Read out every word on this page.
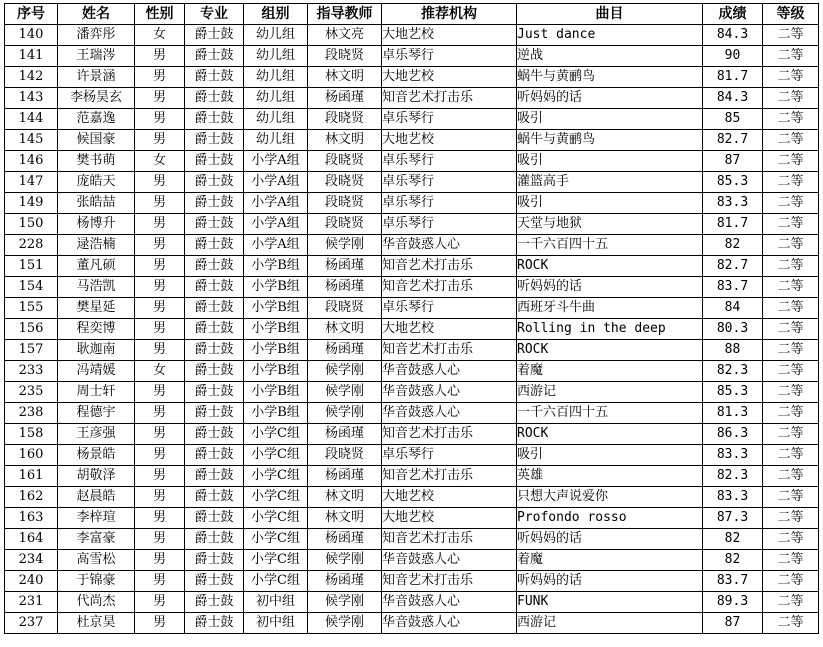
序号	姓名	性别	专业	组别	指导教师	推荐机构	曲目	成绩	等级
140	潘弈彤	女	爵士鼓	幼儿组	林文亮	大地艺校	Just dance	84.3	二等
141	王瑞涔	男	爵士鼓	幼儿组	段晓贤	卓乐琴行	逆战	90	二等
142	许景涵	男	爵士鼓	幼儿组	林文明	大地艺校	蜗牛与黄鹂鸟	81.7	二等
143	李杨昊玄	男	爵士鼓	幼儿组	杨函瑾	知音艺术打击乐	听妈妈的话	84.3	二等
144	范嘉逸	男	爵士鼓	幼儿组	段晓贤	卓乐琴行	吸引	85	二等
145	候国豪	男	爵士鼓	幼儿组	林文明	大地艺校	蜗牛与黄鹂鸟	82.7	二等
146	樊书萌	女	爵士鼓	小学A组	段晓贤	卓乐琴行	吸引	87	二等
147	庞皓天	男	爵士鼓	小学A组	段晓贤	卓乐琴行	灌篮高手	85.3	二等
149	张皓喆	男	爵士鼓	小学A组	段晓贤	卓乐琴行	吸引	83.3	二等
150	杨博升	男	爵士鼓	小学A组	段晓贤	卓乐琴行	天堂与地狱	81.7	二等
228	逯浩楠	男	爵士鼓	小学A组	候学刚	华音鼓惑人心	一千六百四十五	82	二等
151	董凡硕	男	爵士鼓	小学B组	杨函瑾	知音艺术打击乐	ROCK	82.7	二等
154	马浩凯	男	爵士鼓	小学B组	杨函瑾	知音艺术打击乐	听妈妈的话	83.7	二等
155	樊星延	男	爵士鼓	小学B组	段晓贤	卓乐琴行	西班牙斗牛曲	84	二等
156	程奕博	男	爵士鼓	小学B组	林文明	大地艺校	Rolling in the deep	80.3	二等
157	耿迦南	男	爵士鼓	小学B组	杨函瑾	知音艺术打击乐	ROCK	88	二等
233	冯靖媛	女	爵士鼓	小学B组	候学刚	华音鼓惑人心	着魔	82.3	二等
235	周士轩	男	爵士鼓	小学B组	候学刚	华音鼓惑人心	西游记	85.3	二等
238	程德宇	男	爵士鼓	小学B组	候学刚	华音鼓惑人心	一千六百四十五	81.3	二等
158	王彦强	男	爵士鼓	小学C组	杨函瑾	知音艺术打击乐	ROCK	86.3	二等
160	杨景皓	男	爵士鼓	小学C组	段晓贤	卓乐琴行	吸引	83.3	二等
161	胡敬泽	男	爵士鼓	小学C组	杨函瑾	知音艺术打击乐	英雄	82.3	二等
162	赵晨皓	男	爵士鼓	小学C组	林文明	大地艺校	只想大声说爱你	83.3	二等
163	李梓瑄	男	爵士鼓	小学C组	林文明	大地艺校	Profondo rosso	87.3	二等
164	李富豪	男	爵士鼓	小学C组	杨函瑾	知音艺术打击乐	听妈妈的话	82	二等
234	高雪松	男	爵士鼓	小学C组	候学刚	华音鼓惑人心	着魔	82	二等
240	于锦豪	男	爵士鼓	小学C组	杨函瑾	知音艺术打击乐	听妈妈的话	83.7	二等
231	代尚杰	男	爵士鼓	初中组	候学刚	华音鼓惑人心	FUNK	89.3	二等
237	杜京昊	男	爵士鼓	初中组	候学刚	华音鼓惑人心	西游记	87	二等
